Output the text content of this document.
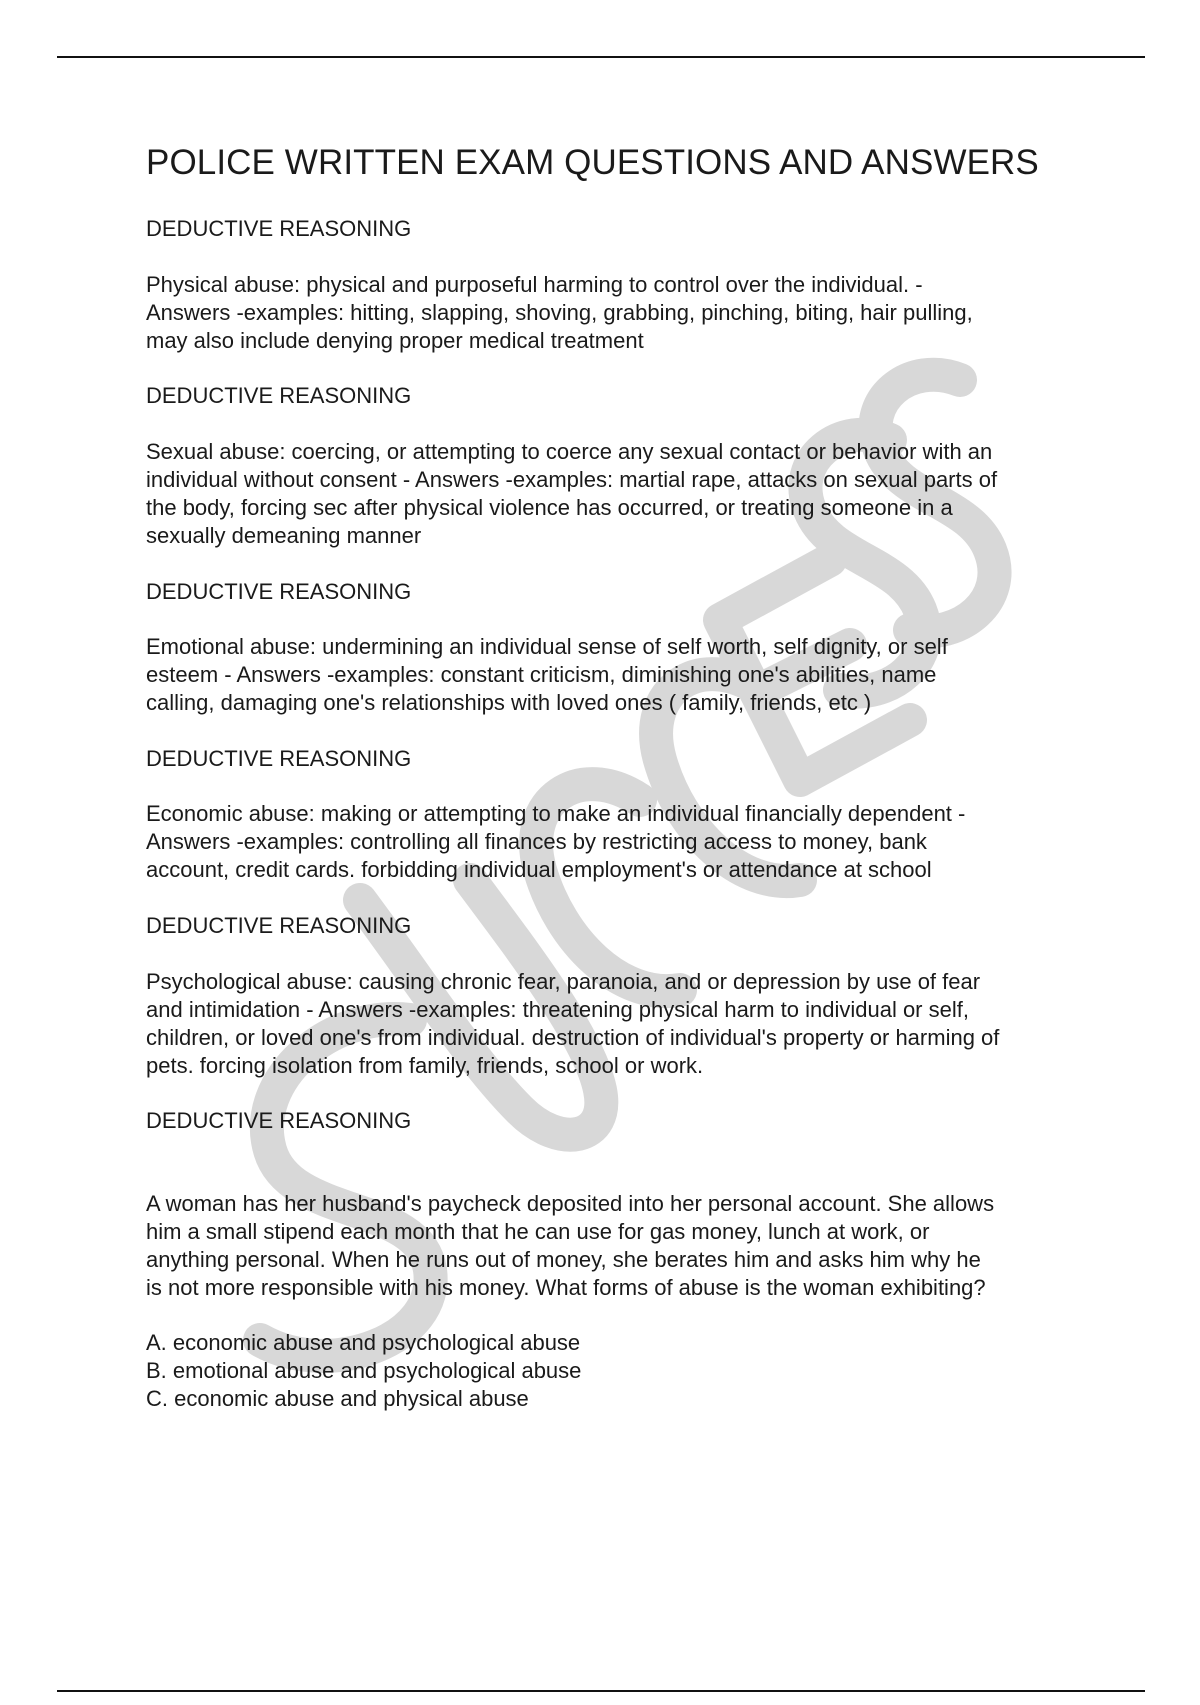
POLICE WRITTEN EXAM QUESTIONS AND ANSWERS

DEDUCTIVE REASONING

Physical abuse: physical and purposeful harming to control over the individual. -
Answers -examples: hitting, slapping, shoving, grabbing, pinching, biting, hair pulling,
may also include denying proper medical treatment

DEDUCTIVE REASONING

Sexual abuse: coercing, or attempting to coerce any sexual contact or behavior with an
individual without consent - Answers -examples: martial rape, attacks on sexual parts of
the body, forcing sec after physical violence has occurred, or treating someone in a
sexually demeaning manner

DEDUCTIVE REASONING

Emotional abuse: undermining an individual sense of self worth, self dignity, or self
esteem - Answers -examples: constant criticism, diminishing one's abilities, name
calling, damaging one's relationships with loved ones ( family, friends, etc )

DEDUCTIVE REASONING

Economic abuse: making or attempting to make an individual financially dependent -
Answers -examples: controlling all finances by restricting access to money, bank
account, credit cards. forbidding individual employment's or attendance at school

DEDUCTIVE REASONING

Psychological abuse: causing chronic fear, paranoia, and or depression by use of fear
and intimidation - Answers -examples: threatening physical harm to individual or self,
children, or loved one's from individual. destruction of individual's property or harming of
pets. forcing isolation from family, friends, school or work.

DEDUCTIVE REASONING

A woman has her husband's paycheck deposited into her personal account. She allows
him a small stipend each month that he can use for gas money, lunch at work, or
anything personal. When he runs out of money, she berates him and asks him why he
is not more responsible with his money. What forms of abuse is the woman exhibiting?

A. economic abuse and psychological abuse
B. emotional abuse and psychological abuse
C. economic abuse and physical abuse
